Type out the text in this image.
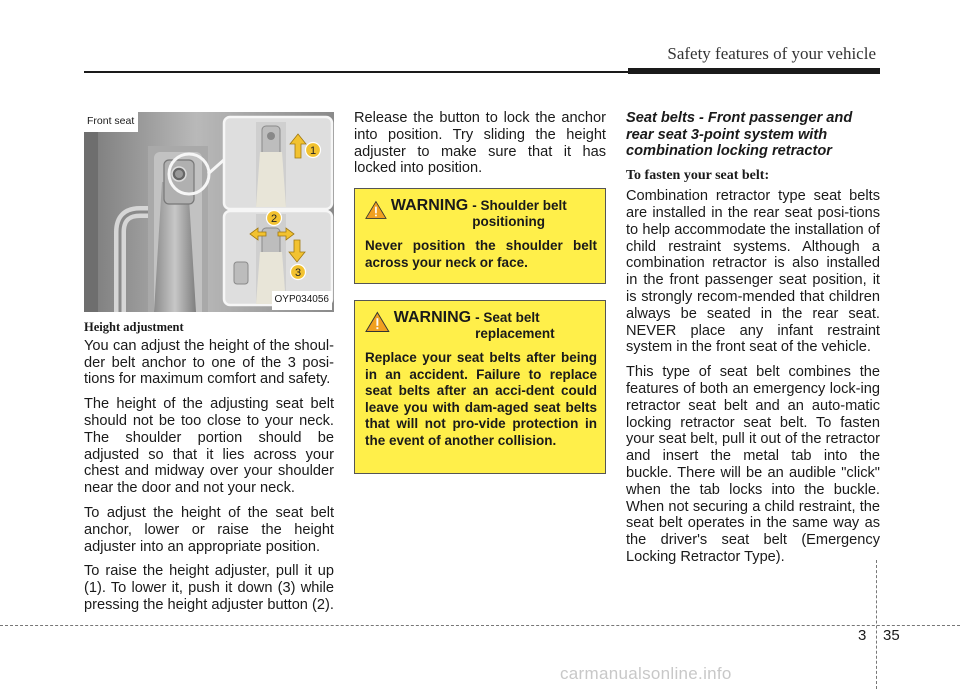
Safety features of your vehicle
1
2
3
Front seat
OYP034056
Height adjustment

You can adjust the height of the shoul-der belt anchor to one of the 3 posi-tions for maximum comfort and safety.

The height of the adjusting seat belt should not be too close to your neck. The shoulder portion should be adjusted so that it lies across your chest and midway over your shoulder near the door and not your neck.

To adjust the height of the seat belt anchor, lower or raise the height adjuster into an appropriate position.

To raise the height adjuster, pull it up (1). To lower it, push it down (3) while pressing the height adjuster button (2).

Release the button to lock the anchor into position. Try sliding the height adjuster to make sure that it has locked into position.

WARNING - Shoulder belt positioning
Never position the shoulder belt across your neck or face.
WARNING - Seat belt replacement
Replace your seat belts after being in an accident. Failure to replace seat belts after an acci-dent could leave you with dam-aged seat belts that will not pro-vide protection in the event of another collision.
Seat belts - Front passenger and rear seat 3-point system with combination locking retractor
To fasten your seat belt:

Combination retractor type seat belts are installed in the rear seat posi-tions to help accommodate the installation of child restraint systems. Although a combination retractor is also installed in the front passenger seat position, it is strongly recom-mended that children always be seated in the rear seat. NEVER place any infant restraint system in the front seat of the vehicle.

This type of seat belt combines the features of both an emergency lock-ing retractor seat belt and an auto-matic locking retractor seat belt. To fasten your seat belt, pull it out of the retractor and insert the metal tab into the buckle. There will be an audible "click" when the tab locks into the buckle. When not securing a child restraint, the seat belt operates in the same way as the driver's seat belt (Emergency Locking Retractor Type).

3 35
carmanualsonline.info
